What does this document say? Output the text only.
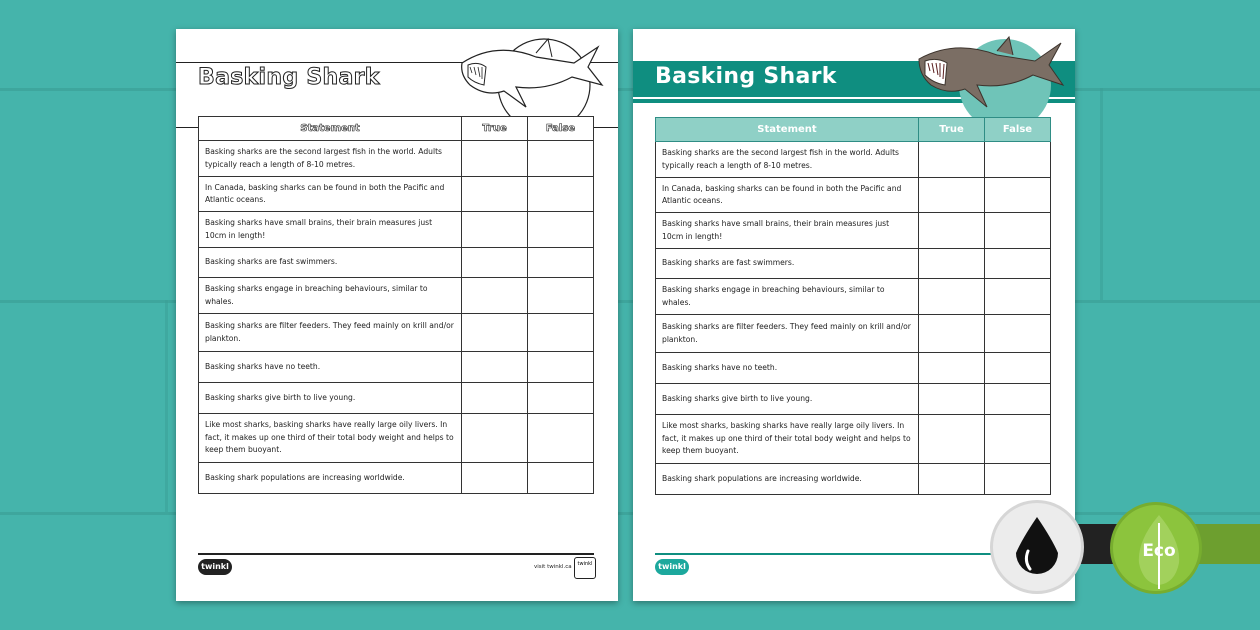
Basking Shark
Statement	True	False
Basking sharks are the second largest fish in the world. Adults typically reach a length of 8-10 metres.		
In Canada, basking sharks can be found in both the Pacific and Atlantic oceans.		
Basking sharks have small brains, their brain measures just 10cm in length!		
Basking sharks are fast swimmers.		
Basking sharks engage in breaching behaviours, similar to whales.		
Basking sharks are filter feeders. They feed mainly on krill and/or plankton.		
Basking sharks have no teeth.		
Basking sharks give birth to live young.		
Like most sharks, basking sharks have really large oily livers. In fact, it makes up one third of their total body weight and helps to keep them buoyant.		
Basking shark populations are increasing worldwide.		
twinkl	visit twinkl.ca	twinkl
Basking Shark
Statement	True	False
Basking sharks are the second largest fish in the world. Adults typically reach a length of 8-10 metres.		
In Canada, basking sharks can be found in both the Pacific and Atlantic oceans.		
Basking sharks have small brains, their brain measures just 10cm in length!		
Basking sharks are fast swimmers.		
Basking sharks engage in breaching behaviours, similar to whales.		
Basking sharks are filter feeders. They feed mainly on krill and/or plankton.		
Basking sharks have no teeth.		
Basking sharks give birth to live young.		
Like most sharks, basking sharks have really large oily livers. In fact, it makes up one third of their total body weight and helps to keep them buoyant.		
Basking shark populations are increasing worldwide.		
twinkl
Eco
